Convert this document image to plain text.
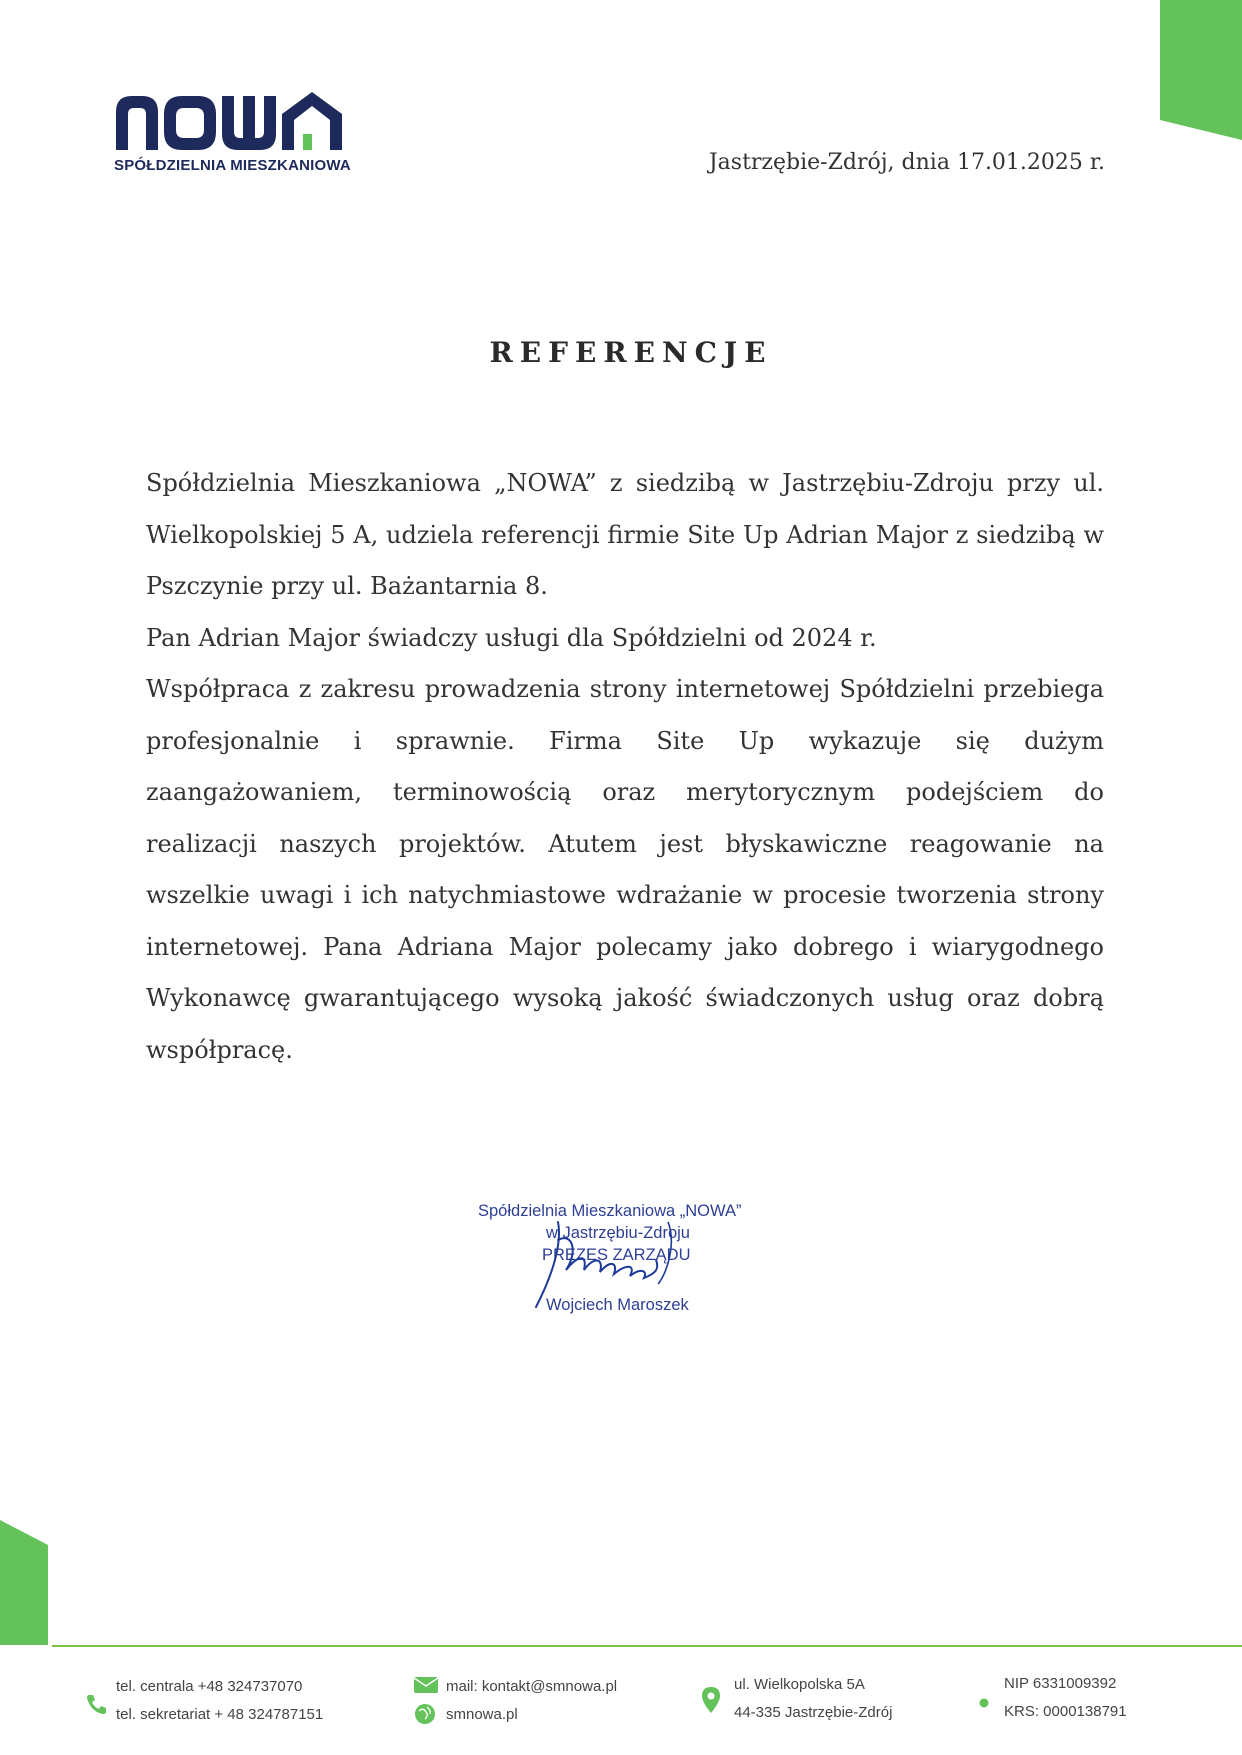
SPÓŁDZIELNIA MIESZKANIOWA	Jastrzębie-Zdrój, dnia 17.01.2025 r.
REFERENCJE

Spółdzielnia Mieszkaniowa „NOWA” z siedzibą w Jastrzębiu-Zdroju przy ul. Wielkopolskiej 5 A, udziela referencji firmie Site Up Adrian Major z siedzibą w Pszczynie przy ul. Bażantarnia 8.

Pan Adrian Major świadczy usługi dla Spółdzielni od 2024 r.

Współpraca z zakresu prowadzenia strony internetowej Spółdzielni przebiega profesjonalnie i sprawnie. Firma Site Up wykazuje się dużym zaangażowaniem, terminowością oraz merytorycznym podejściem do realizacji naszych projektów. Atutem jest błyskawiczne reagowanie na wszelkie uwagi i ich natychmiastowe wdrażanie w procesie tworzenia strony internetowej. Pana Adriana Major polecamy jako dobrego i wiarygodnego Wykonawcę gwarantującego wysoką jakość świadczonych usług oraz dobrą współpracę.

Spółdzielnia Mieszkaniowa „NOWA”
w Jastrzębiu-Zdroju
PREZES ZARZĄDU
Wojciech Maroszek
tel. centrala +48 324737070
tel. sekretariat + 48 324787151
mail: kontakt@smnowa.pl
smnowa.pl
ul. Wielkopolska 5A
44-335 Jastrzębie-Zdrój
NIP 6331009392
KRS: 0000138791
